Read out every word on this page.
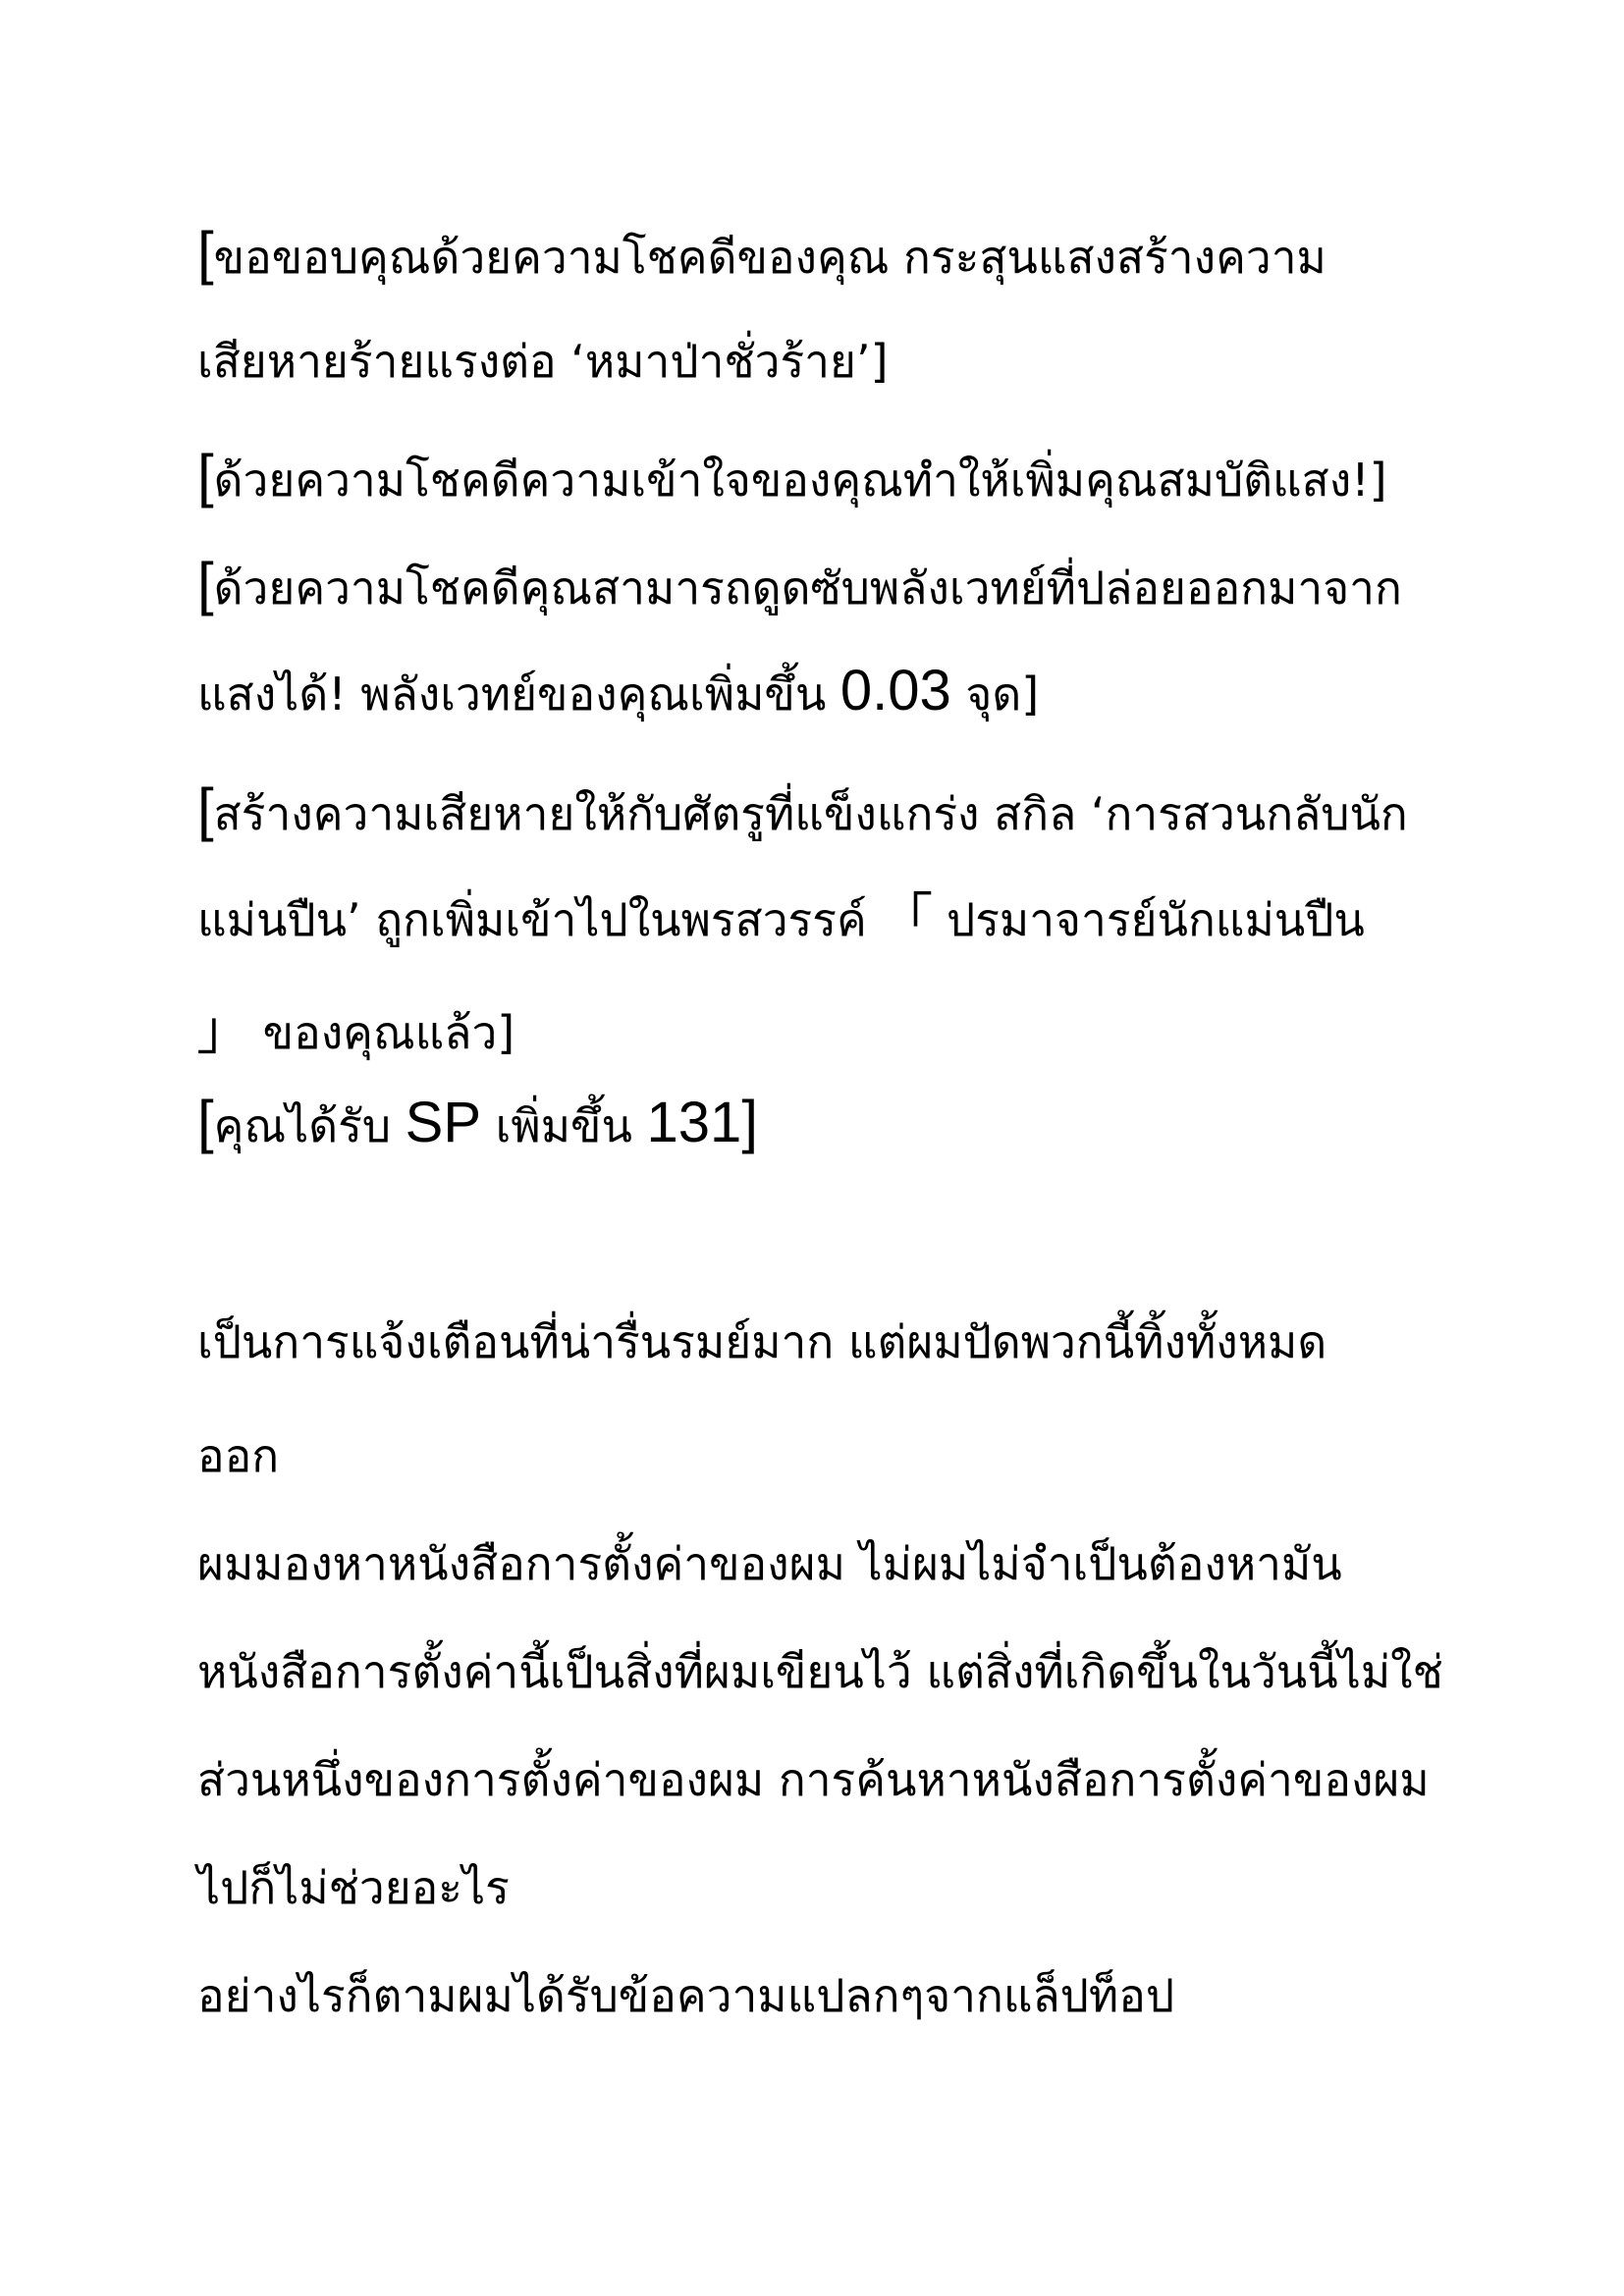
[ขอขอบคุณด้วยความโชคดีของคุณ กระสุนแสงสร้างความ
เสียหายร้ายแรงต่อ ‘หมาป่าชั่วร้าย’]
[ด้วยความโชคดีความเข้าใจของคุณทำให้เพิ่มคุณสมบัติแสง!]
[ด้วยความโชคดีคุณสามารถดูดซับพลังเวทย์ที่ปล่อยออกมาจาก
แสงได้! พลังเวทย์ของคุณเพิ่มขึ้น 0.03 จุด]
[สร้างความเสียหายให้กับศัตรูที่แข็งแกร่ง สกิล ‘การสวนกลับนัก
แม่นปืน’ ถูกเพิ่มเข้าไปในพรสวรรค์ 「 ปรมาจารย์นักแม่นปืน
」 ของคุณแล้ว]
[คุณได้รับ SP เพิ่มขึ้น 131]
เป็นการแจ้งเตือนที่น่ารื่นรมย์มาก แต่ผมปัดพวกนี้ทิ้งทั้งหมด
ออก
ผมมองหาหนังสือการตั้งค่าของผม ไม่ผมไม่จำเป็นต้องหามัน
หนังสือการตั้งค่านี้เป็นสิ่งที่ผมเขียนไว้ แต่สิ่งที่เกิดขึ้นในวันนี้ไม่ใช่
ส่วนหนึ่งของการตั้งค่าของผม การค้นหาหนังสือการตั้งค่าของผม
ไปก็ไม่ช่วยอะไร
อย่างไรก็ตามผมได้รับข้อความแปลกๆจากแล็ปท็อป
